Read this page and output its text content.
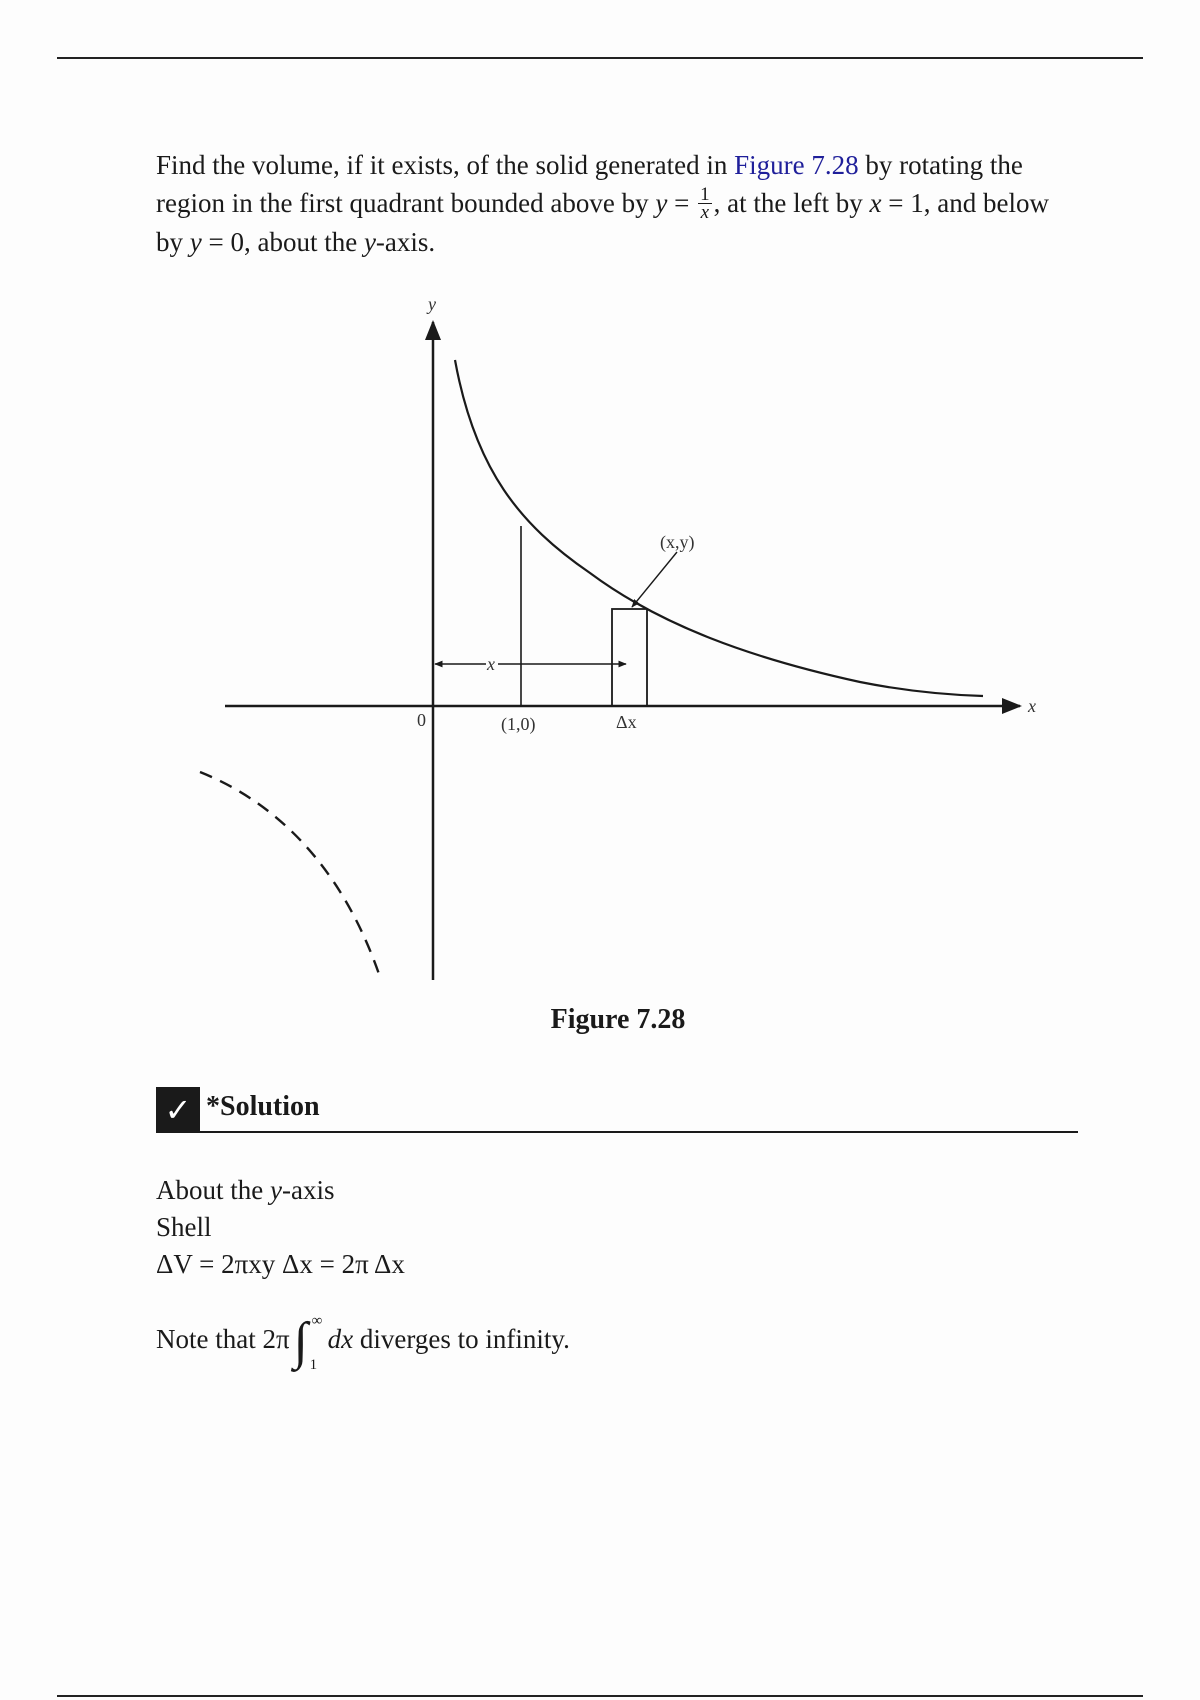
Find the volume, if it exists, of the solid generated in Figure 7.28 by rotating the region in the first quadrant bounded above by $y = \frac{1}{x}$ , at the left by x = 1, and below by y = 0, about the y-axis.
y
x
0	(1,0)	Δx
(x,y)
x
Figure 7.28
✓ *Solution
About the y-axis
Shell
ΔV = 2πxy Δx = 2π Δx
Note that 2π ∫ ∞
1
dx diverges to infinity.
